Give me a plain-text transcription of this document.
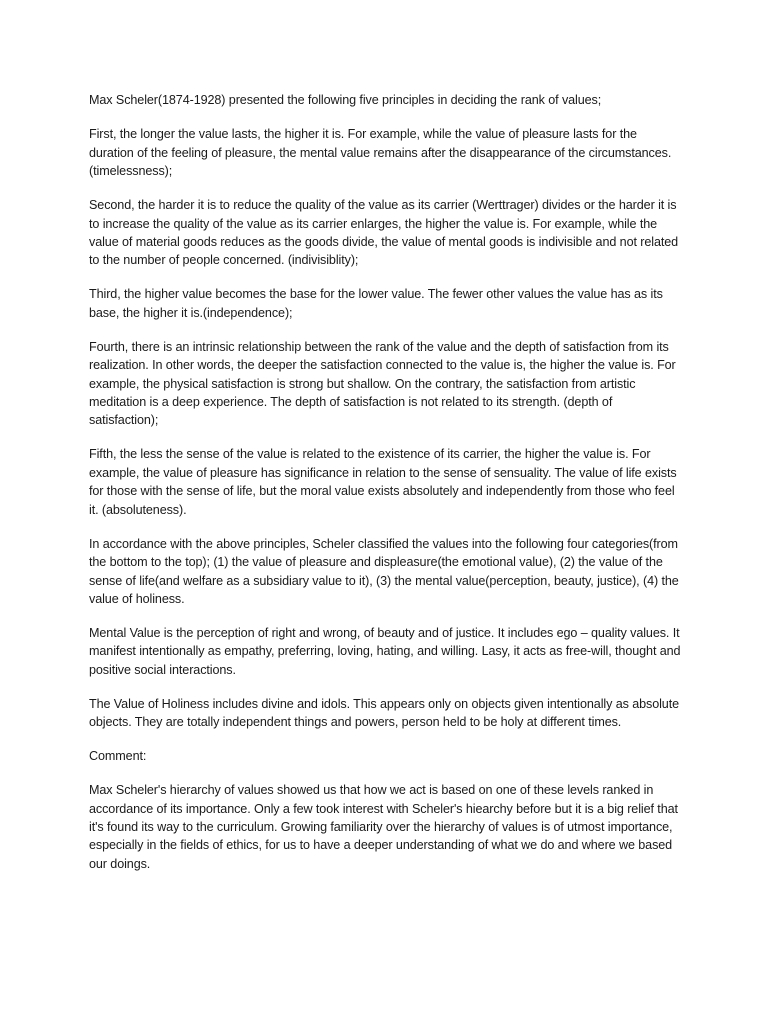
Max Scheler(1874-1928) presented the following five principles in deciding the rank of values;

First, the longer the value lasts, the higher it is. For example, while the value of pleasure lasts for the duration of the feeling of pleasure, the mental value remains after the disappearance of the circumstances. (timelessness);

Second, the harder it is to reduce the quality of the value as its carrier (Werttrager) divides or the harder it is to increase the quality of the value as its carrier enlarges, the higher the value is. For example, while the value of material goods reduces as the goods divide, the value of mental goods is indivisible and not related to the number of people concerned. (indivisiblity);

Third, the higher value becomes the base for the lower value. The fewer other values the value has as its base, the higher it is.(independence);

Fourth, there is an intrinsic relationship between the rank of the value and the depth of satisfaction from its realization. In other words, the deeper the satisfaction connected to the value is, the higher the value is. For example, the physical satisfaction is strong but shallow. On the contrary, the satisfaction from artistic meditation is a deep experience. The depth of satisfaction is not related to its strength. (depth of satisfaction);

Fifth, the less the sense of the value is related to the existence of its carrier, the higher the value is. For example, the value of pleasure has significance in relation to the sense of sensuality. The value of life exists for those with the sense of life, but the moral value exists absolutely and independently from those who feel it. (absoluteness).

In accordance with the above principles, Scheler classified the values into the following four categories(from the bottom to the top); (1) the value of pleasure and displeasure(the emotional value), (2) the value of the sense of life(and welfare as a subsidiary value to it), (3) the mental value(perception, beauty, justice), (4) the value of holiness.

Mental Value is the perception of right and wrong, of beauty and of justice. It includes ego – quality values. It manifest intentionally as empathy, preferring, loving, hating, and willing. Lasy, it acts as free-will, thought and positive social interactions.

The Value of Holiness includes divine and idols. This appears only on objects given intentionally as absolute objects. They are totally independent things and powers, person held to be holy at different times.

Comment:

Max Scheler's hierarchy of values showed us that how we act is based on one of these levels ranked in accordance of its importance. Only a few took interest with Scheler's hiearchy before but it is a big relief that it's found its way to the curriculum. Growing familiarity over the hierarchy of values is of utmost importance, especially in the fields of ethics, for us to have a deeper understanding of what we do and where we based our doings.
